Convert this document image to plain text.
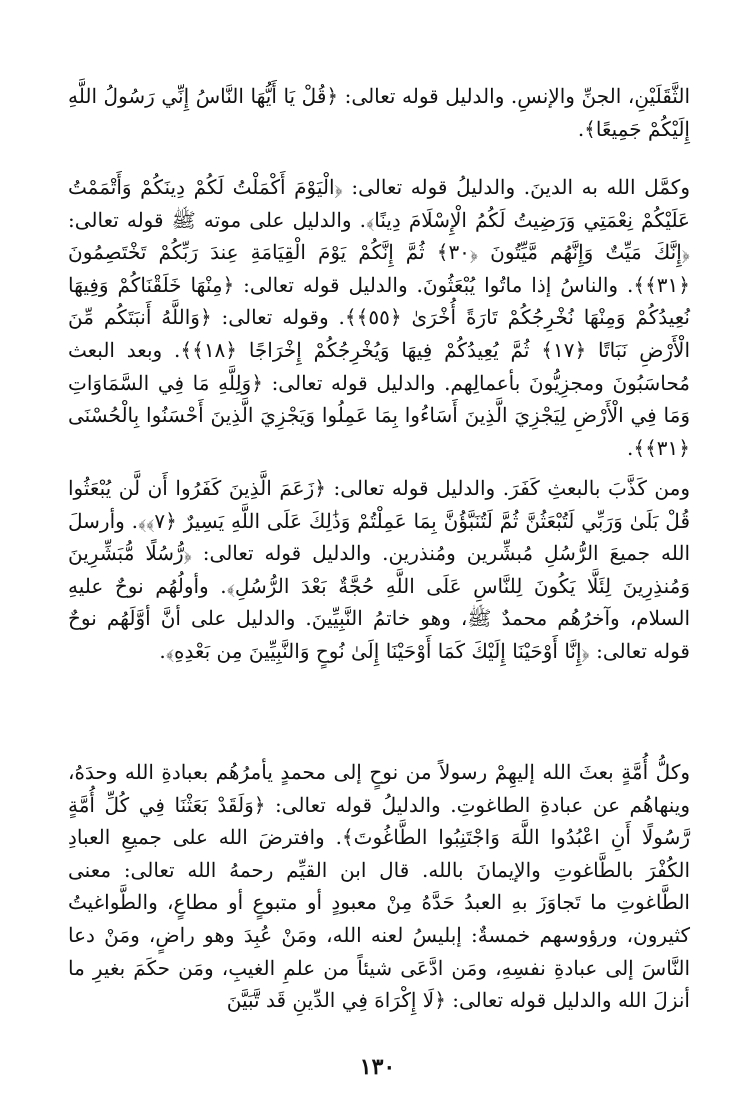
الثَّقَلَيْنِ، الجنِّ والإنسِ. والدليل قوله تعالى: ﴿قُلْ يَا أَيُّهَا النَّاسُ إِنِّي رَسُولُ اللَّهِ إِلَيْكُمْ جَمِيعًا﴾.

وكمَّل الله به الدينَ. والدليلُ قوله تعالى: ﴿الْيَوْمَ أَكْمَلْتُ لَكُمْ دِينَكُمْ وَأَتْمَمْتُ عَلَيْكُمْ نِعْمَتِي وَرَضِيتُ لَكُمُ الْإِسْلَامَ دِينًا﴾. والدليل على موته ﷺ قوله تعالى: ﴿إِنَّكَ مَيِّتٌ وَإِنَّهُم مَّيِّتُونَ ﴿٣٠﴾ ثُمَّ إِنَّكُمْ يَوْمَ الْقِيَامَةِ عِندَ رَبِّكُمْ تَخْتَصِمُونَ ﴿٣١﴾﴾. والناسُ إذا ماتُوا يُبْعَثُونَ. والدليل قوله تعالى: ﴿مِنْهَا خَلَقْنَاكُمْ وَفِيهَا نُعِيدُكُمْ وَمِنْهَا نُخْرِجُكُمْ تَارَةً أُخْرَىٰ ﴿٥٥﴾﴾. وقوله تعالى: ﴿وَاللَّهُ أَنبَتَكُم مِّنَ الْأَرْضِ نَبَاتًا ﴿١٧﴾ ثُمَّ يُعِيدُكُمْ فِيهَا وَيُخْرِجُكُمْ إِخْرَاجًا ﴿١٨﴾﴾. وبعد البعث مُحاسَبُونَ ومجزِيُّونَ بأعمالِهم. والدليل قوله تعالى: ﴿وَلِلَّهِ مَا فِي السَّمَاوَاتِ وَمَا فِي الْأَرْضِ لِيَجْزِيَ الَّذِينَ أَسَاءُوا بِمَا عَمِلُوا وَيَجْزِيَ الَّذِينَ أَحْسَنُوا بِالْحُسْنَى ﴿٣١﴾﴾.

ومن كَذَّبَ بالبعثِ كَفَرَ. والدليل قوله تعالى: ﴿زَعَمَ الَّذِينَ كَفَرُوا أَن لَّن يُبْعَثُوا قُلْ بَلَىٰ وَرَبِّي لَتُبْعَثُنَّ ثُمَّ لَتُنَبَّؤُنَّ بِمَا عَمِلْتُمْ وَذَٰلِكَ عَلَى اللَّهِ يَسِيرٌ ﴿٧﴾﴾. وأرسلَ الله جميعَ الرُّسُلِ مُبشِّرين ومُنذرين. والدليل قوله تعالى: ﴿رُّسُلًا مُّبَشِّرِينَ وَمُنذِرِينَ لِئَلَّا يَكُونَ لِلنَّاسِ عَلَى اللَّهِ حُجَّةٌ بَعْدَ الرُّسُلِ﴾. وأولُهُم نوحٌ عليهِ السلام، وآخرُهُم محمدٌ ﷺ، وهو خاتمُ النَّبِيِّينَ. والدليل على أنَّ أوَّلَهُم نوحٌ قوله تعالى: ﴿إِنَّا أَوْحَيْنَا إِلَيْكَ كَمَا أَوْحَيْنَا إِلَىٰ نُوحٍ وَالنَّبِيِّينَ مِن بَعْدِهِ﴾.

وكلُّ أُمَّةٍ بعثَ الله إليهِمْ رسولاً من نوحٍ إلى محمدٍ يأمرُهُم بعبادةِ الله وحدَهُ، وينهاهُم عن عبادةِ الطاغوتِ. والدليلُ قوله تعالى: ﴿وَلَقَدْ بَعَثْنَا فِي كُلِّ أُمَّةٍ رَّسُولًا أَنِ اعْبُدُوا اللَّهَ وَاجْتَنِبُوا الطَّاغُوتَ﴾. وافترضَ الله على جميعِ العبادِ الكُفْرَ بالطَّاغوتِ والإيمانَ بالله. قال ابن القيِّم رحمهُ الله تعالى: معنى الطَّاغوتِ ما تَجاوَزَ بهِ العبدُ حَدَّهُ مِنْ معبودٍ أو متبوعٍ أو مطاعٍ، والطَّواغيتُ كثيرون، ورؤوسهم خمسةٌ: إبليسُ لعنه الله، ومَنْ عُبِدَ وهو راضٍ، ومَنْ دعا النَّاسَ إلى عبادةِ نفسِهِ، ومَن ادَّعَى شيئاً من علمِ الغيبِ، ومَن حكَمَ بغيرِ ما أنزلَ الله والدليل قوله تعالى: ﴿لَا إِكْرَاهَ فِي الدِّينِ قَد تَّبَيَّنَ

١٣٠
